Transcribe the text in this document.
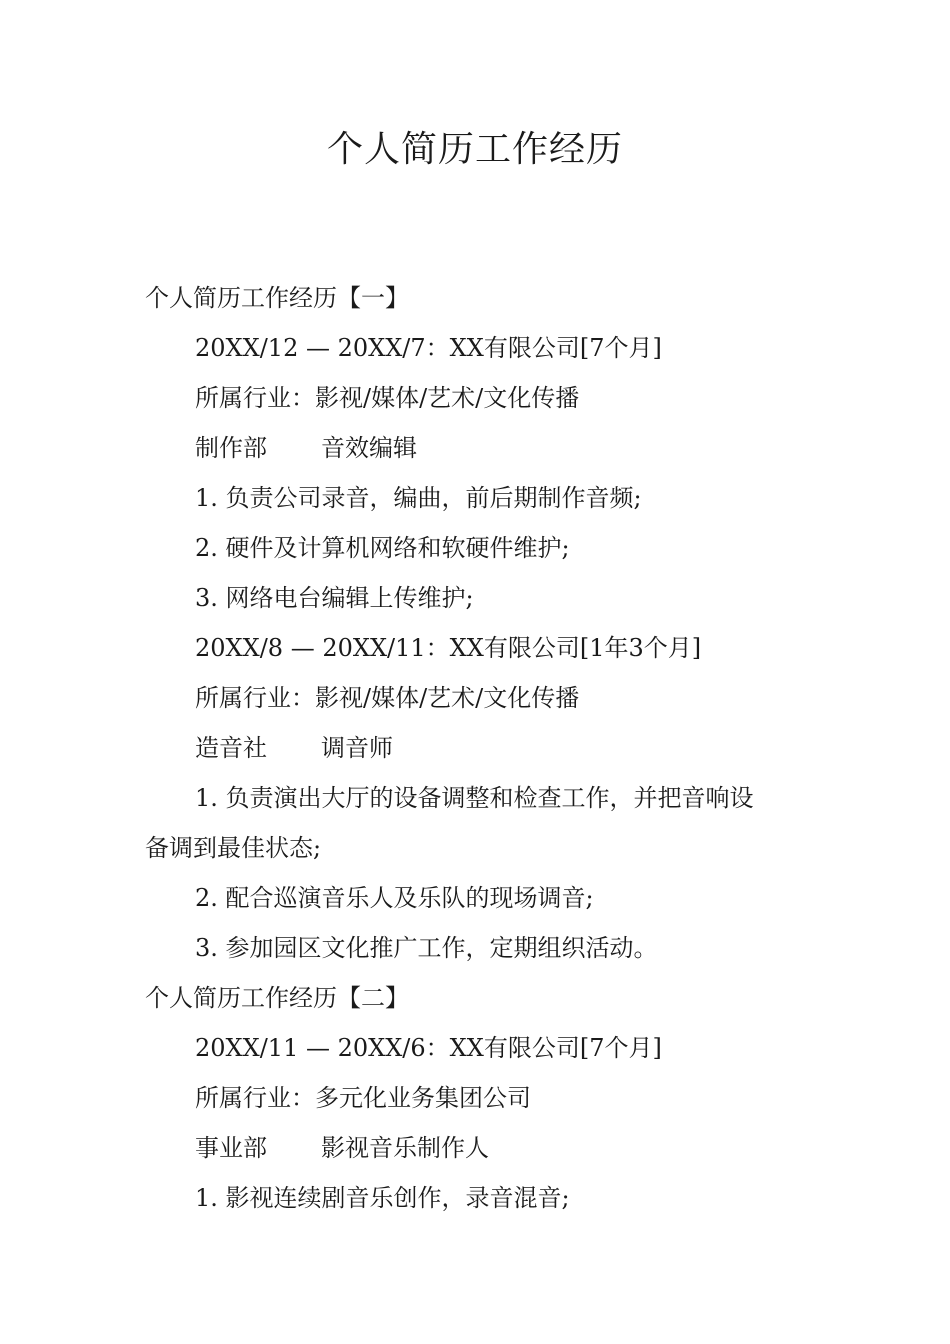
个人简历工作经历

个人简历工作经历【一】

20XX/12 — 20XX/7：XX有限公司[7个月]

所属行业：影视/媒体/艺术/文化传播

制作部 音效编辑

1. 负责公司录音，编曲，前后期制作音频;

2. 硬件及计算机网络和软硬件维护;

3. 网络电台编辑上传维护;

20XX/8 — 20XX/11：XX有限公司[1年3个月]

所属行业：影视/媒体/艺术/文化传播

造音社 调音师

1. 负责演出大厅的设备调整和检查工作，并把音响设

备调到最佳状态;

2. 配合巡演音乐人及乐队的现场调音;

3. 参加园区文化推广工作，定期组织活动。

个人简历工作经历【二】

20XX/11 — 20XX/6：XX有限公司[7个月]

所属行业：多元化业务集团公司

事业部 影视音乐制作人

1. 影视连续剧音乐创作，录音混音;
